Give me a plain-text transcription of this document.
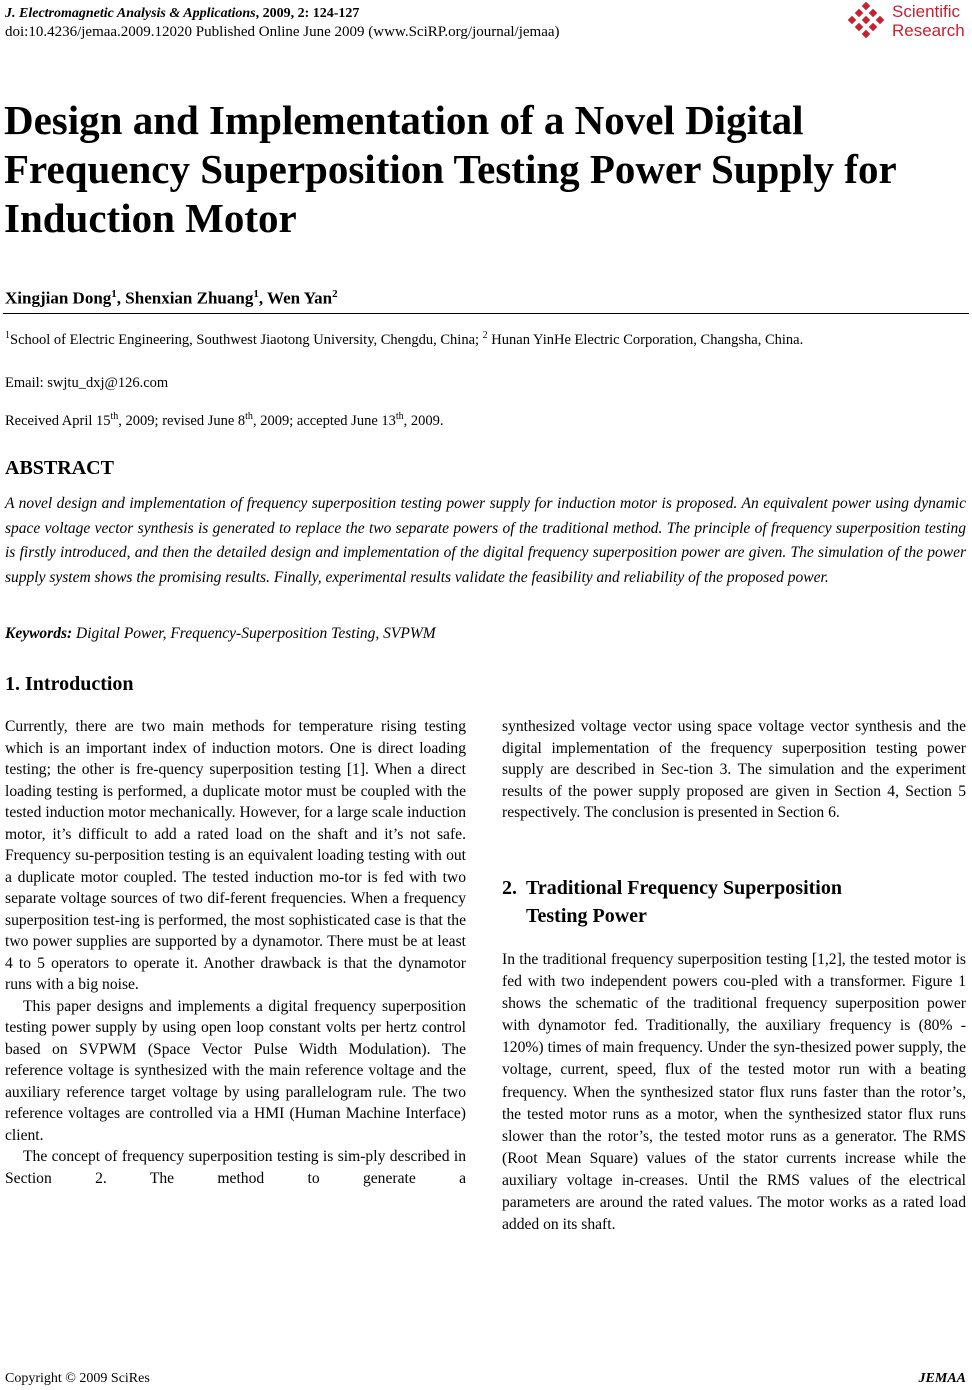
J. Electromagnetic Analysis & Applications, 2009, 2: 124-127
doi:10.4236/jemaa.2009.12020 Published Online June 2009 (www.SciRP.org/journal/jemaa)
Scientific
Research
Design and Implementation of a Novel Digital Frequency Superposition Testing Power Supply for Induction Motor
Xingjian Dong$^1$, Shenxian Zhuang$^1$, Wen Yan$^2$
$^1$School of Electric Engineering, Southwest Jiaotong University, Chengdu, China; $^2$ Hunan YinHe Electric Corporation, Changsha, China.
Email: swjtu_dxj@126.com
Received April 15th, 2009; revised June 8th, 2009; accepted June 13th, 2009.
ABSTRACT

A novel design and implementation of frequency superposition testing power supply for induction motor is proposed. An equivalent power using dynamic space voltage vector synthesis is generated to replace the two separate powers of the traditional method. The principle of frequency superposition testing is firstly introduced, and then the detailed design and implementation of the digital frequency superposition power are given. The simulation of the power supply system shows the promising results. Finally, experimental results validate the feasibility and reliability of the proposed power.

Keywords: Digital Power, Frequency-Superposition Testing, SVPWM
1. Introduction

Currently, there are two main methods for temperature rising testing which is an important index of induction motors. One is direct loading testing; the other is fre-quency superposition testing [1]. When a direct loading testing is performed, a duplicate motor must be coupled with the tested induction motor mechanically. However, for a large scale induction motor, it’s difficult to add a rated load on the shaft and it’s not safe. Frequency su-perposition testing is an equivalent loading testing with out a duplicate motor coupled. The tested induction mo-tor is fed with two separate voltage sources of two dif-ferent frequencies. When a frequency superposition test-ing is performed, the most sophisticated case is that the two power supplies are supported by a dynamotor. There must be at least 4 to 5 operators to operate it. Another drawback is that the dynamotor runs with a big noise.

This paper designs and implements a digital frequency superposition testing power supply by using open loop constant volts per hertz control based on SVPWM (Space Vector Pulse Width Modulation). The reference voltage is synthesized with the main reference voltage and the auxiliary reference target voltage by using parallelogram rule. The two reference voltages are controlled via a HMI (Human Machine Interface) client.

The concept of frequency superposition testing is sim-ply described in Section 2. The method to generate a

synthesized voltage vector using space voltage vector synthesis and the digital implementation of the frequency superposition testing power supply are described in Sec-tion 3. The simulation and the experiment results of the power supply proposed are given in Section 4, Section 5 respectively. The conclusion is presented in Section 6.

2. Traditional Frequency Superposition
Testing Power

In the traditional frequency superposition testing [1,2], the tested motor is fed with two independent powers cou-pled with a transformer. Figure 1 shows the schematic of the traditional frequency superposition power with dynamotor fed. Traditionally, the auxiliary frequency is (80% - 120%) times of main frequency. Under the syn-thesized power supply, the voltage, current, speed, flux of the tested motor run with a beating frequency. When the synthesized stator flux runs faster than the rotor’s, the tested motor runs as a motor, when the synthesized stator flux runs slower than the rotor’s, the tested motor runs as a generator. The RMS (Root Mean Square) values of the stator currents increase while the auxiliary voltage in-creases. Until the RMS values of the electrical parameters are around the rated values. The motor works as a rated load added on its shaft.

Copyright © 2009 SciRes	JEMAA
